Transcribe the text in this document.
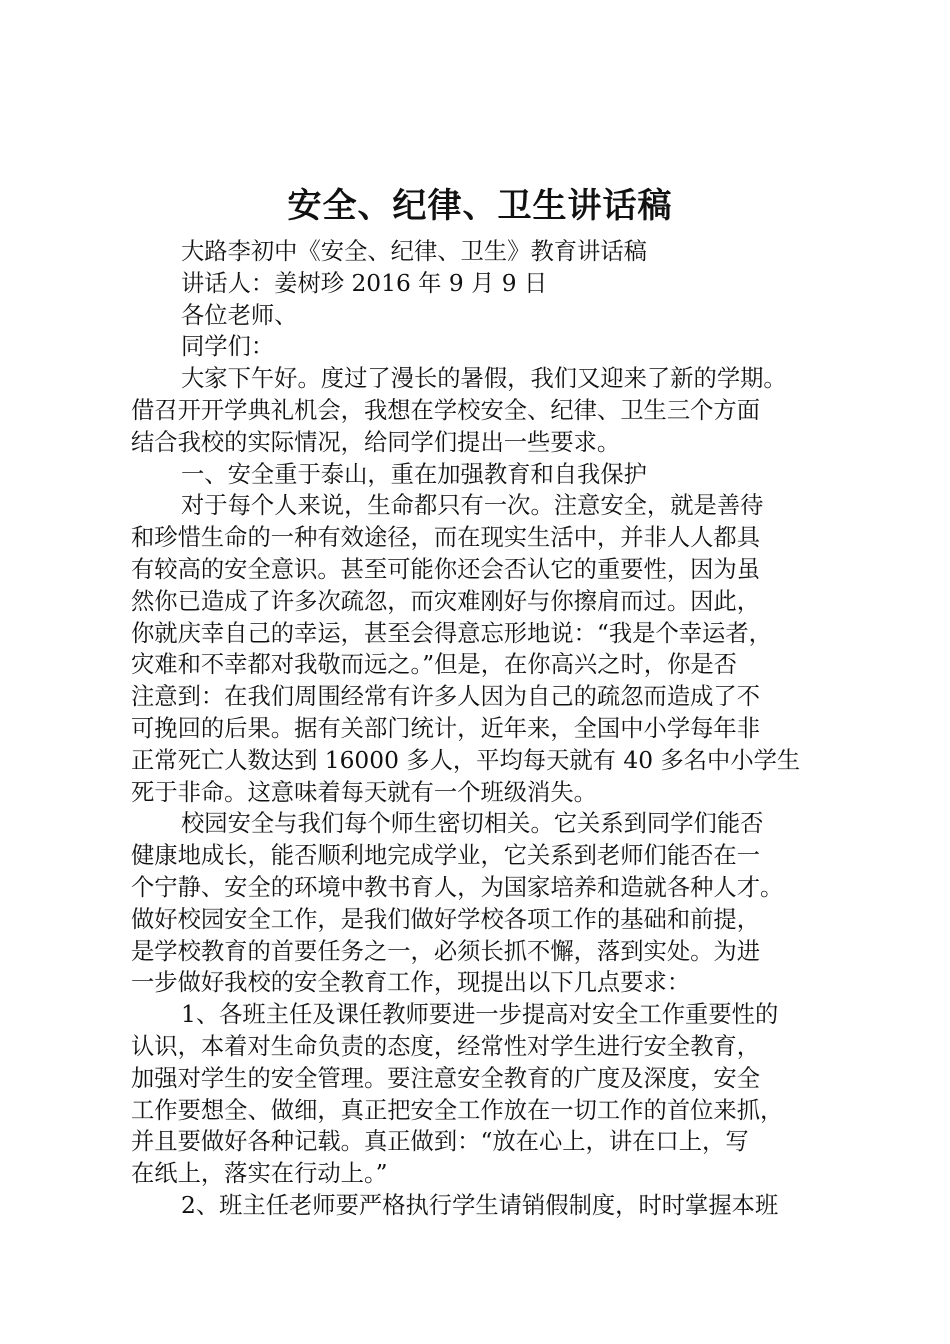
安全、纪律、卫生讲话稿
大路李初中《安全、纪律、卫生》教育讲话稿
讲话人：姜树珍 2016 年 9 月 9 日
各位老师、
同学们：
大家下午好。度过了漫长的暑假，我们又迎来了新的学期。
借召开开学典礼机会，我想在学校安全、纪律、卫生三个方面
结合我校的实际情况，给同学们提出一些要求。
一、安全重于泰山，重在加强教育和自我保护
对于每个人来说，生命都只有一次。注意安全，就是善待
和珍惜生命的一种有效途径，而在现实生活中，并非人人都具
有较高的安全意识。甚至可能你还会否认它的重要性，因为虽
然你已造成了许多次疏忽，而灾难刚好与你擦肩而过。因此，
你就庆幸自己的幸运，甚至会得意忘形地说：“我是个幸运者，
灾难和不幸都对我敬而远之。”但是，在你高兴之时，你是否
注意到：在我们周围经常有许多人因为自己的疏忽而造成了不
可挽回的后果。据有关部门统计，近年来，全国中小学每年非
正常死亡人数达到 16000 多人，平均每天就有 40 多名中小学生
死于非命。这意味着每天就有一个班级消失。
校园安全与我们每个师生密切相关。它关系到同学们能否
健康地成长，能否顺利地完成学业，它关系到老师们能否在一
个宁静、安全的环境中教书育人，为国家培养和造就各种人才。
做好校园安全工作，是我们做好学校各项工作的基础和前提，
是学校教育的首要任务之一，必须长抓不懈，落到实处。为进
一步做好我校的安全教育工作，现提出以下几点要求：
1、各班主任及课任教师要进一步提高对安全工作重要性的
认识，本着对生命负责的态度，经常性对学生进行安全教育，
加强对学生的安全管理。要注意安全教育的广度及深度，安全
工作要想全、做细，真正把安全工作放在一切工作的首位来抓，
并且要做好各种记载。真正做到：“放在心上，讲在口上，写
在纸上，落实在行动上。”
2、班主任老师要严格执行学生请销假制度，时时掌握本班
